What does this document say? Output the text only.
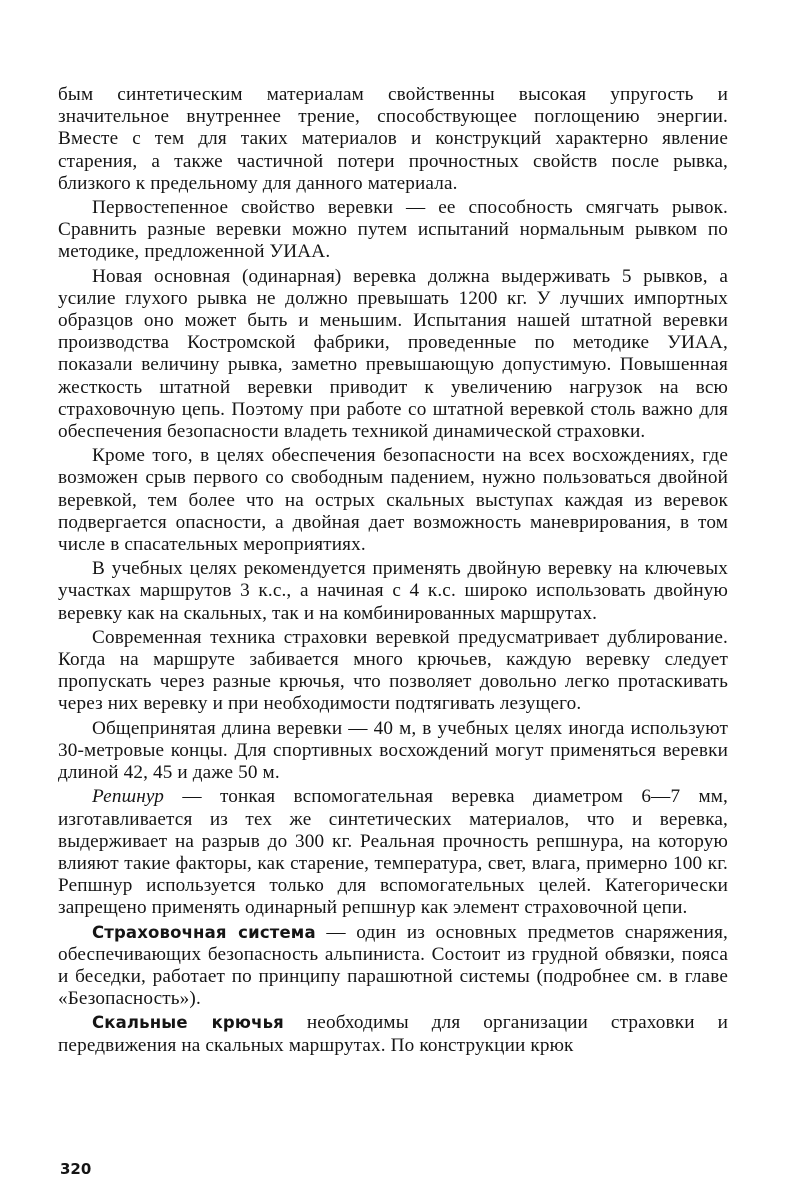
бым синтетическим материалам свойственны высокая упругость и значительное внутреннее трение, способствующее поглощению энергии. Вместе с тем для таких материалов и конструкций характерно явление старения, а также частичной потери прочностных свойств после рывка, близкого к предельному для данного материала.

Первостепенное свойство веревки — ее способность смягчать рывок. Сравнить разные веревки можно путем испытаний нормальным рывком по методике, предложенной УИАА.

Новая основная (одинарная) веревка должна выдерживать 5 рывков, а усилие глухого рывка не должно превышать 1200 кг. У лучших импортных образцов оно может быть и меньшим. Испытания нашей штатной веревки производства Костромской фабрики, проведенные по методике УИАА, показали величину рывка, заметно превышающую допустимую. Повышенная жесткость штатной веревки приводит к увеличению нагрузок на всю страховочную цепь. Поэтому при работе со штатной веревкой столь важно для обеспечения безопасности владеть техникой динамической страховки.

Кроме того, в целях обеспечения безопасности на всех восхождениях, где возможен срыв первого со свободным падением, нужно пользоваться двойной веревкой, тем более что на острых скальных выступах каждая из веревок подвергается опасности, а двойная дает возможность маневрирования, в том числе в спасательных мероприятиях.

В учебных целях рекомендуется применять двойную веревку на ключевых участках маршрутов 3 к.с., а начиная с 4 к.с. широко использовать двойную веревку как на скальных, так и на комбинированных маршрутах.

Современная техника страховки веревкой предусматривает дублирование. Когда на маршруте забивается много крючьев, каждую веревку следует пропускать через разные крючья, что позволяет довольно легко протаскивать через них веревку и при необходимости подтягивать лезущего.

Общепринятая длина веревки — 40 м, в учебных целях иногда используют 30-метровые концы. Для спортивных восхождений могут применяться веревки длиной 42, 45 и даже 50 м.

Репшнур — тонкая вспомогательная веревка диаметром 6—7 мм, изготавливается из тех же синтетических материалов, что и веревка, выдерживает на разрыв до 300 кг. Реальная прочность репшнура, на которую влияют такие факторы, как старение, температура, свет, влага, примерно 100 кг. Репшнур используется только для вспомогательных целей. Категорически запрещено применять одинарный репшнур как элемент страховочной цепи.

Страховочная система — один из основных предметов снаряжения, обеспечивающих безопасность альпиниста. Состоит из грудной обвязки, пояса и беседки, работает по принципу парашютной системы (подробнее см. в главе «Безопасность»).

Скальные крючья необходимы для организации страховки и передвижения на скальных маршрутах. По конструкции крюк

320
